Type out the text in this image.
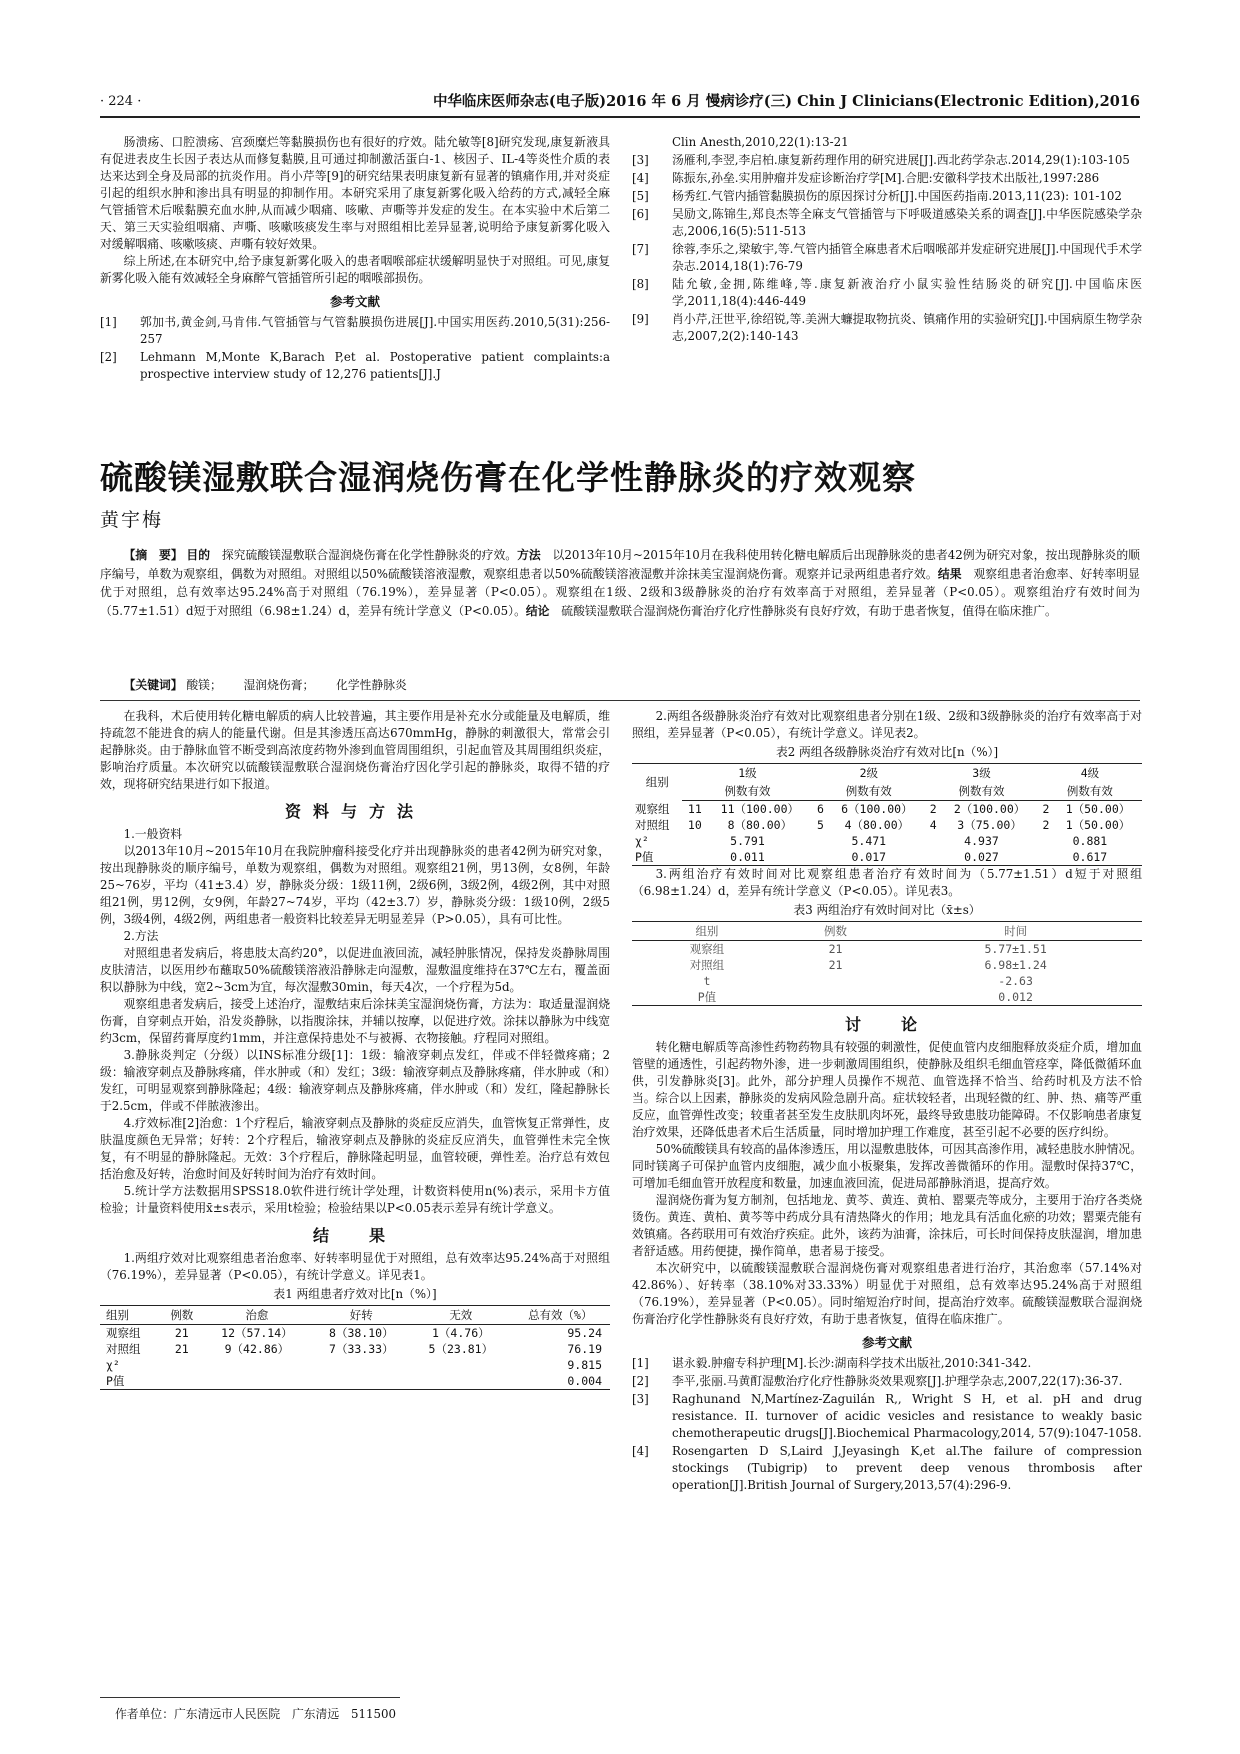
· 224 ·	中华临床医师杂志(电子版)2016 年 6 月 慢病诊疗(三) Chin J Clinicians(Electronic Edition),2016

肠溃疡、口腔溃疡、宫颈糜烂等黏膜损伤也有很好的疗效。陆允敏等[8]研究发现,康复新液具有促进表皮生长因子表达从而修复黏膜,且可通过抑制激活蛋白-1、核因子、IL-4等炎性介质的表达来达到全身及局部的抗炎作用。肖小芹等[9]的研究结果表明康复新有显著的镇痛作用,并对炎症引起的组织水肿和渗出具有明显的抑制作用。本研究采用了康复新雾化吸入给药的方式,减轻全麻气管插管术后喉黏膜充血水肿,从而减少咽痛、咳嗽、声嘶等并发症的发生。在本实验中术后第二天、第三天实验组咽痛、声嘶、咳嗽咳痰发生率与对照组相比差异显著,说明给予康复新雾化吸入对缓解咽痛、咳嗽咳痰、声嘶有较好效果。

综上所述,在本研究中,给予康复新雾化吸入的患者咽喉部症状缓解明显快于对照组。可见,康复新雾化吸入能有效减轻全身麻醉气管插管所引起的咽喉部损伤。

参考文献
[1]	郭加书,黄金剑,马肯伟.气管插管与气管黏膜损伤进展[J].中国实用医药.2010,5(31):256-257
[2]	Lehmann M,Monte K,Barach P,et al. Postoperative patient complaints:a prospective interview study of 12,276 patients[J].J
Clin Anesth,2010,22(1):13-21
[3]	汤雁利,李翌,李启柏.康复新药理作用的研究进展[J].西北药学杂志.2014,29(1):103-105
[4]	陈振东,孙垒.实用肿瘤并发症诊断治疗学[M].合肥:安徽科学技术出版社,1997:286
[5]	杨秀红.气管内插管黏膜损伤的原因探讨分析[J].中国医药指南.2013,11(23): 101-102
[6]	吴励文,陈锦生,郑良杰等全麻支气管插管与下呼吸道感染关系的调查[J].中华医院感染学杂志,2006,16(5):511-513
[7]	徐蓉,李乐之,梁敏宇,等.气管内插管全麻患者术后咽喉部并发症研究进展[J].中国现代手术学杂志.2014,18(1):76-79
[8]	陆允敏,金拥,陈维峰,等.康复新液治疗小鼠实验性结肠炎的研究[J].中国临床医学,2011,18(4):446-449
[9]	肖小芹,汪世平,徐绍锐,等.美洲大蠊提取物抗炎、镇痛作用的实验研究[J].中国病原生物学杂志,2007,2(2):140-143
硫酸镁湿敷联合湿润烧伤膏在化学性静脉炎的疗效观察
黄宇梅
【摘　要】 目的　探究硫酸镁湿敷联合湿润烧伤膏在化学性静脉炎的疗效。方法　以2013年10月~2015年10月在我科使用转化糖电解质后出现静脉炎的患者42例为研究对象，按出现静脉炎的顺序编号，单数为观察组，偶数为对照组。对照组以50%硫酸镁溶液湿敷，观察组患者以50%硫酸镁溶液湿敷并涂抹美宝湿润烧伤膏。观察并记录两组患者疗效。结果　观察组患者治愈率、好转率明显优于对照组，总有效率达95.24%高于对照组（76.19%），差异显著（P<0.05）。观察组在1级、2级和3级静脉炎的治疗有效率高于对照组，差异显著（P<0.05）。观察组治疗有效时间为（5.77±1.51）d短于对照组（6.98±1.24）d，差异有统计学意义（P<0.05）。结论　硫酸镁湿敷联合湿润烧伤膏治疗化疗性静脉炎有良好疗效，有助于患者恢复，值得在临床推广。
【关键词】 酸镁； 湿润烧伤膏； 化学性静脉炎

在我科，术后使用转化糖电解质的病人比较普遍，其主要作用是补充水分或能量及电解质，维持疏忽不能进食的病人的能量代谢。但是其渗透压高达670mmHg，静脉的刺激很大，常常会引起静脉炎。由于静脉血管不断受到高浓度药物外渗到血管周围组织，引起血管及其周围组织炎症，影响治疗质量。本次研究以硫酸镁湿敷联合湿润烧伤膏治疗因化学引起的静脉炎，取得不错的疗效，现将研究结果进行如下报道。

资料与方法

1.一般资料

以2013年10月~2015年10月在我院肿瘤科接受化疗并出现静脉炎的患者42例为研究对象，按出现静脉炎的顺序编号，单数为观察组，偶数为对照组。观察组21例，男13例，女8例，年龄25~76岁，平均（41±3.4）岁，静脉炎分级：1级11例，2级6例，3级2例，4级2例，其中对照组21例，男12例，女9例，年龄27~74岁，平均（42±3.7）岁，静脉炎分级：1级10例，2级5例，3级4例，4级2例，两组患者一般资料比较差异无明显差异（P>0.05），具有可比性。

2.方法

对照组患者发病后，将患肢太高约20°，以促进血液回流，减轻肿胀情况，保持发炎静脉周围皮肤清洁，以医用纱布蘸取50%硫酸镁溶液沿静脉走向湿敷，湿敷温度维持在37℃左右，覆盖面积以静脉为中线，宽2~3cm为宜，每次湿敷30min，每天4次，一个疗程为5d。

观察组患者发病后，接受上述治疗，湿敷结束后涂抹美宝湿润烧伤膏，方法为：取适量湿润烧伤膏，自穿刺点开始，沿发炎静脉，以指腹涂抹，并辅以按摩，以促进疗效。涂抹以静脉为中线宽约3cm，保留药膏厚度约1mm，并注意保持患处不与被褥、衣物接触。疗程同对照组。

3.静脉炎判定（分级）以INS标准分级[1]：1级：输液穿刺点发红，伴或不伴轻微疼痛；2级：输液穿刺点及静脉疼痛，伴水肿或（和）发红；3级：输液穿刺点及静脉疼痛，伴水肿或（和）发红，可明显观察到静脉隆起；4级：输液穿刺点及静脉疼痛，伴水肿或（和）发红，隆起静脉长于2.5cm，伴或不伴脓液渗出。

4.疗效标准[2]治愈：1个疗程后，输液穿刺点及静脉的炎症反应消失，血管恢复正常弹性，皮肤温度颜色无异常；好转：2个疗程后，输液穿刺点及静脉的炎症反应消失，血管弹性未完全恢复，有不明显的静脉隆起。无效：3个疗程后，静脉隆起明显，血管较硬，弹性差。治疗总有效包括治愈及好转，治愈时间及好转时间为治疗有效时间。

5.统计学方法数据用SPSS18.0软件进行统计学处理，计数资料使用n(%)表示，采用卡方值检验；计量资料使用x̄±s表示，采用t检验；检验结果以P<0.05表示差异有统计学意义。

结　果

1.两组疗效对比观察组患者治愈率、好转率明显优于对照组，总有效率达95.24%高于对照组（76.19%），差异显著（P<0.05），有统计学意义。详见表1。

表1 两组患者疗效对比[n（%）]
组别	例数	治愈	好转	无效	总有效（%）
观察组	21	12（57.14）	8（38.10）	1（4.76）	95.24
对照组	21	9（42.86）	7（33.33）	5（23.81）	76.19
χ²					9.815
P值					0.004

2.两组各级静脉炎治疗有效对比观察组患者分别在1级、2级和3级静脉炎的治疗有效率高于对照组，差异显著（P<0.05），有统计学意义。详见表2。

表2 两组各级静脉炎治疗有效对比[n（%）]
组别	1级		2级		3级		4级	
	例数有效		例数有效		例数有效		例数有效	
观察组	11	11（100.00）	6	6（100.00）	2	2（100.00）	2	1（50.00）
对照组	10	8（80.00）	5	4（80.00）	4	3（75.00）	2	1（50.00）
χ²	5.791		5.471		4.937		0.881	
P值	0.011		0.017		0.027		0.617	

3.两组治疗有效时间对比观察组患者治疗有效时间为（5.77±1.51）d短于对照组（6.98±1.24）d，差异有统计学意义（P<0.05）。详见表3。

表3 两组治疗有效时间对比（x̄±s）
组别	例数	时间
观察组	21	5.77±1.51
对照组	21	6.98±1.24
t		-2.63
P值		0.012
讨　论

转化糖电解质等高渗性药物药物具有较强的刺激性，促使血管内皮细胞释放炎症介质，增加血管壁的通透性，引起药物外渗，进一步刺激周围组织，使静脉及组织毛细血管痉挛，降低微循环血供，引发静脉炎[3]。此外，部分护理人员操作不规范、血管选择不恰当、给药时机及方法不恰当。综合以上因素，静脉炎的发病风险急剧升高。症状较轻者，出现轻微的红、肿、热、痛等严重反应，血管弹性改变；较重者甚至发生皮肤肌肉坏死，最终导致患肢功能障碍。不仅影响患者康复治疗效果，还降低患者术后生活质量，同时增加护理工作难度，甚至引起不必要的医疗纠纷。

50%硫酸镁具有较高的晶体渗透压，用以湿敷患肢体，可因其高渗作用，减轻患肢水肿情况。同时镁离子可保护血管内皮细胞，减少血小板聚集，发挥改善微循环的作用。湿敷时保持37℃，可增加毛细血管开放程度和数量，加速血液回流，促进局部静脉消退，提高疗效。

湿润烧伤膏为复方制剂，包括地龙、黄芩、黄连、黄柏、罂粟壳等成分，主要用于治疗各类烧烫伤。黄连、黄柏、黄芩等中药成分具有清热降火的作用；地龙具有活血化瘀的功效；罂粟壳能有效镇痛。各药联用可有效治疗疾症。此外，该药为油膏，涂抹后，可长时间保持皮肤湿润，增加患者舒适感。用药便捷，操作简单，患者易于接受。

本次研究中，以硫酸镁湿敷联合湿润烧伤膏对观察组患者进行治疗，其治愈率（57.14%对42.86%）、好转率（38.10%对33.33%）明显优于对照组，总有效率达95.24%高于对照组（76.19%），差异显著（P<0.05）。同时缩短治疗时间，提高治疗效率。硫酸镁湿敷联合湿润烧伤膏治疗化学性静脉炎有良好疗效，有助于患者恢复，值得在临床推广。

参考文献
[1]	谌永毅.肿瘤专科护理[M].长沙:湖南科学技术出版社,2010:341-342.
[2]	李平,张丽.马黄酊湿敷治疗化疗性静脉炎效果观察[J].护理学杂志,2007,22(17):36-37.
[3]	Raghunand N,Martínez-Zaguilán R,, Wright S H, et al. pH and drug resistance. II. turnover of acidic vesicles and resistance to weakly basic chemotherapeutic drugs[J].Biochemical Pharmacology,2014, 57(9):1047-1058.
[4]	Rosengarten D S,Laird J,Jeyasingh K,et al.The failure of compression stockings (Tubigrip) to prevent deep venous thrombosis after operation[J].British Journal of Surgery,2013,57(4):296-9.
作者单位：广东清远市人民医院　广东清远　511500
